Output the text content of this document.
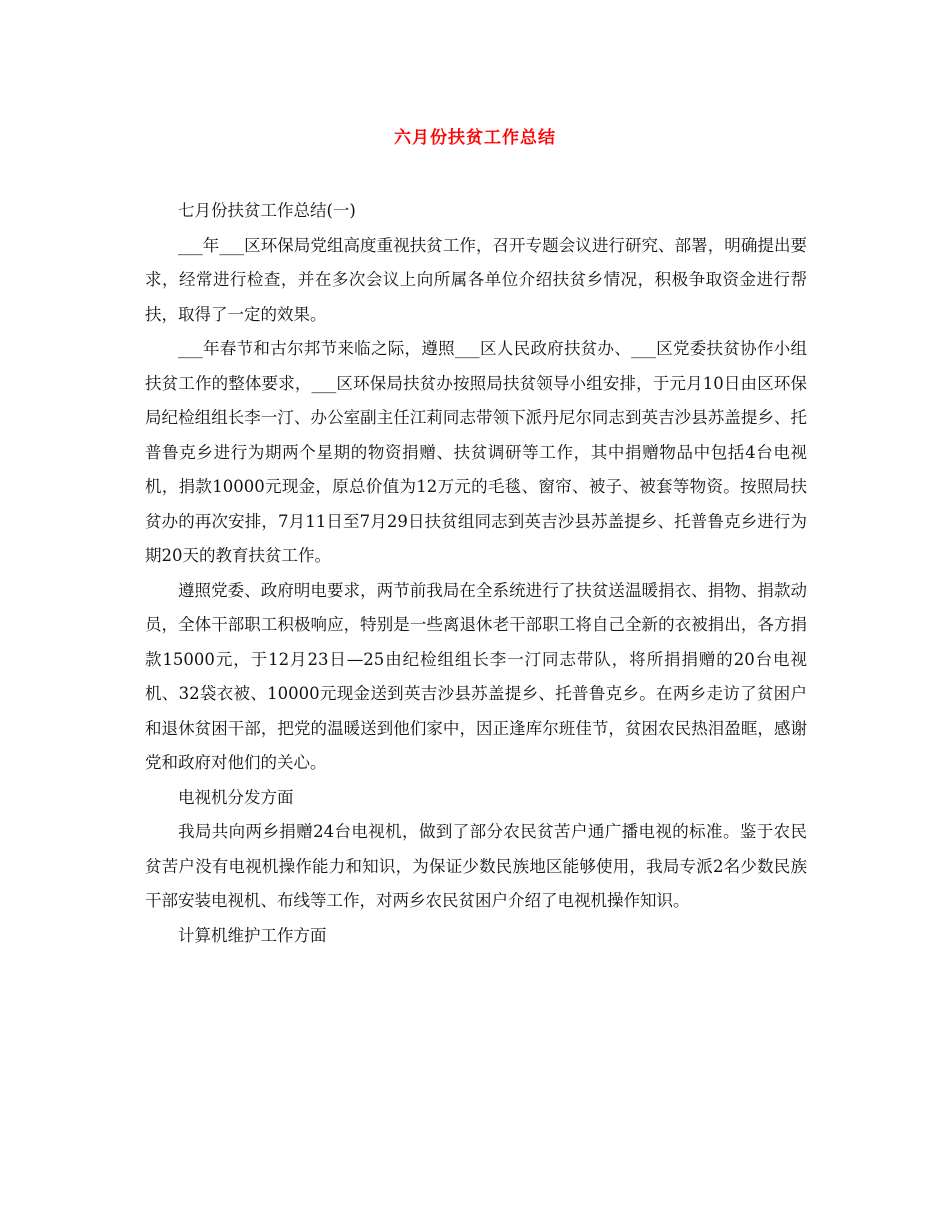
六月份扶贫工作总结

七月份扶贫工作总结(一)

___年___区环保局党组高度重视扶贫工作，召开专题会议进行研究、部署，明确提出要求，经常进行检查，并在多次会议上向所属各单位介绍扶贫乡情况，积极争取资金进行帮扶，取得了一定的效果。

___年春节和古尔邦节来临之际，遵照___区人民政府扶贫办、___区党委扶贫协作小组扶贫工作的整体要求，___区环保局扶贫办按照局扶贫领导小组安排，于元月10日由区环保局纪检组组长李一汀、办公室副主任江莉同志带领下派丹尼尔同志到英吉沙县苏盖提乡、托普鲁克乡进行为期两个星期的物资捐赠、扶贫调研等工作，其中捐赠物品中包括4台电视机，捐款10000元现金，原总价值为12万元的毛毯、窗帘、被子、被套等物资。按照局扶贫办的再次安排，7月11日至7月29日扶贫组同志到英吉沙县苏盖提乡、托普鲁克乡进行为期20天的教育扶贫工作。

遵照党委、政府明电要求，两节前我局在全系统进行了扶贫送温暖捐衣、捐物、捐款动员，全体干部职工积极响应，特别是一些离退休老干部职工将自己全新的衣被捐出，各方捐款15000元，于12月23日—25由纪检组组长李一汀同志带队，将所捐捐赠的20台电视机、32袋衣被、10000元现金送到英吉沙县苏盖提乡、托普鲁克乡。在两乡走访了贫困户和退休贫困干部，把党的温暖送到他们家中，因正逢库尔班佳节，贫困农民热泪盈眶，感谢党和政府对他们的关心。

电视机分发方面

我局共向两乡捐赠24台电视机，做到了部分农民贫苦户通广播电视的标准。鉴于农民贫苦户没有电视机操作能力和知识，为保证少数民族地区能够使用，我局专派2名少数民族干部安装电视机、布线等工作，对两乡农民贫困户介绍了电视机操作知识。

计算机维护工作方面
